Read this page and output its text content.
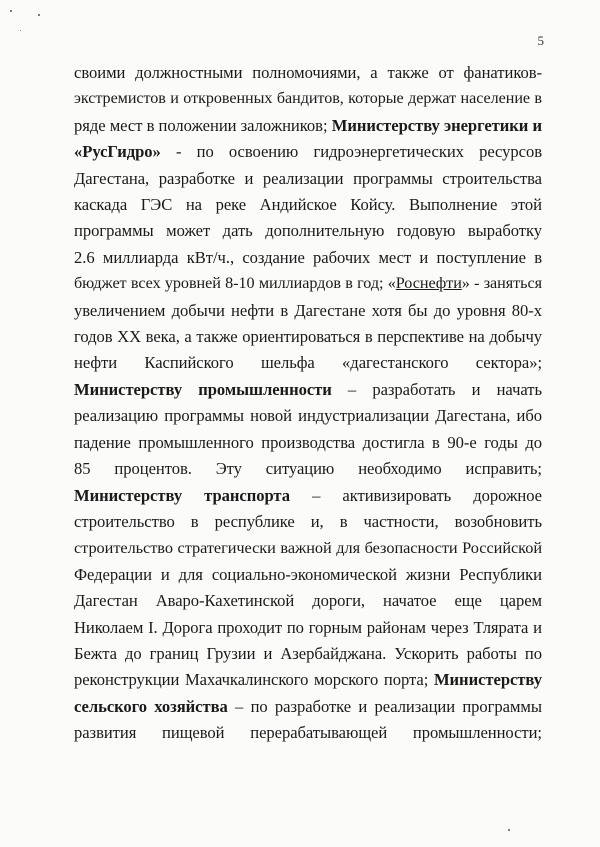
5
своими должностными полномочиями, а также от фанатиков-
экстремистов и откровенных бандитов, которые держат население в
ряде мест в положении заложников; Министерству энергетики и
«РусГидро» - по освоению гидроэнергетических ресурсов
Дагестана, разработке и реализации программы строительства
каскада ГЭС на реке Андийское Койсу. Выполнение этой
программы может дать дополнительную годовую выработку
2.6 миллиарда кВт/ч., создание рабочих мест и поступление в
бюджет всех уровней 8-10 миллиардов в год; «Роснефти» - заняться
увеличением добычи нефти в Дагестане хотя бы до уровня 80-х
годов XX века, а также ориентироваться в перспективе на добычу
нефти Каспийского шельфа «дагестанского сектора»;
Министерству промышленности – разработать и начать
реализацию программы новой индустриализации Дагестана, ибо
падение промышленного производства достигла в 90-е годы до
85 процентов. Эту ситуацию необходимо исправить;
Министерству транспорта – активизировать дорожное
строительство в республике и, в частности, возобновить
строительство стратегически важной для безопасности Российской
Федерации и для социально-экономической жизни Республики
Дагестан Аваро-Кахетинской дороги, начатое еще царем
Николаем I. Дорога проходит по горным районам через Тлярата и
Бежта до границ Грузии и Азербайджана. Ускорить работы по
реконструкции Махачкалинского морского порта; Министерству
сельского хозяйства – по разработке и реализации программы
развития пищевой перерабатывающей промышленности;
